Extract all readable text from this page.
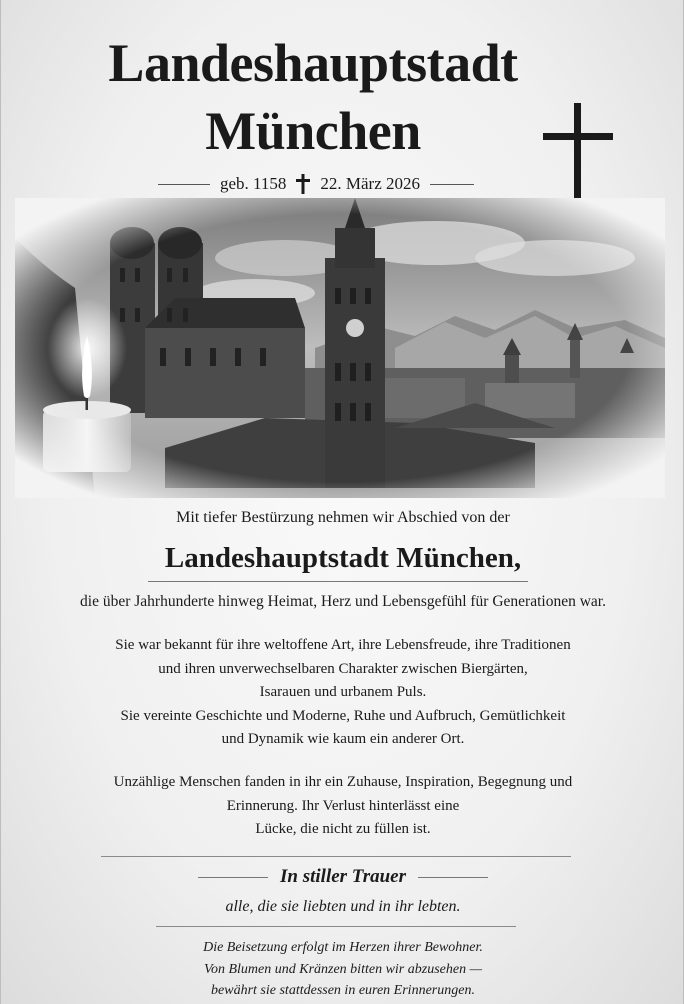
Landeshauptstadt
München
geb. 1158 22. März 2026
Mit tiefer Bestürzung nehmen wir Abschied von der
Landeshauptstadt München,
die über Jahrhunderte hinweg Heimat, Herz und Lebensgefühl für Generationen war.
Sie war bekannt für ihre weltoffene Art, ihre Lebensfreude, ihre Traditionen
und ihren unverwechselbaren Charakter zwischen Biergärten,
Isarauen und urbanem Puls.
Sie vereinte Geschichte und Moderne, Ruhe und Aufbruch, Gemütlichkeit
und Dynamik wie kaum ein anderer Ort.
Unzählige Menschen fanden in ihr ein Zuhause, Inspiration, Begegnung und
Erinnerung. Ihr Verlust hinterlässt eine
Lücke, die nicht zu füllen ist.
In stiller Trauer
alle, die sie liebten und in ihr lebten.
Die Beisetzung erfolgt im Herzen ihrer Bewohner.
Von Blumen und Kränzen bitten wir abzusehen —
bewährt sie stattdessen in euren Erinnerungen.
